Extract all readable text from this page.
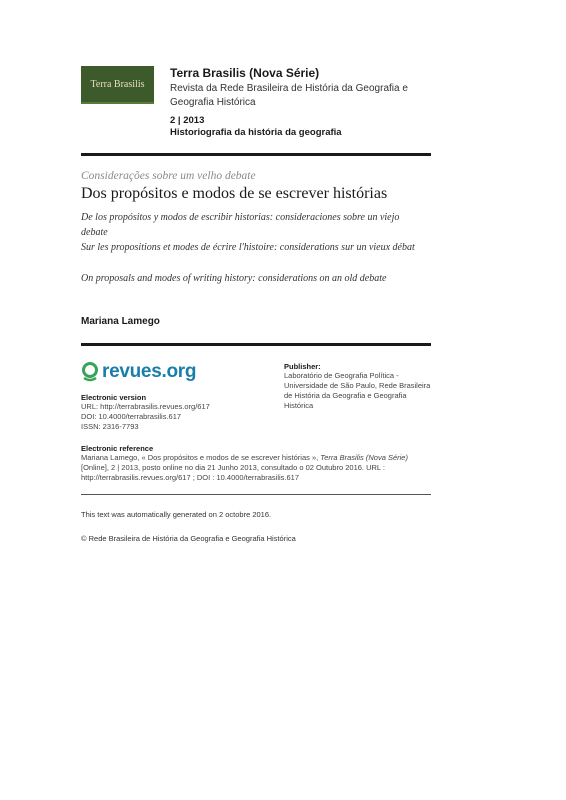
Terra Brasilis
Terra Brasilis (Nova Série)
Revista da Rede Brasileira de História da Geografia e Geografia Histórica
2 | 2013
Historiografia da história da geografia
Considerações sobre um velho debate
Dos propósitos e modos de se escrever histórias
De los propósitos y modos de escribir historias: consideraciones sobre un viejo debate
Sur les propositions et modes de écrire l'histoire: considerations sur un vieux débat
On proposals and modes of writing history: considerations on an old debate
Mariana Lamego
revues.org
Electronic version
URL: http://terrabrasilis.revues.org/617
DOI: 10.4000/terrabrasilis.617
ISSN: 2316-7793
Publisher:
Laboratório de Geografia Política - Universidade de São Paulo, Rede Brasileira de História da Geografia e Geografia Histórica
Electronic reference
Mariana Lamego, « Dos propósitos e modos de se escrever histórias », Terra Brasilis (Nova Série) [Online], 2 | 2013, posto online no dia 21 Junho 2013, consultado o 02 Outubro 2016. URL : http://terrabrasilis.revues.org/617 ; DOI : 10.4000/terrabrasilis.617
This text was automatically generated on 2 octobre 2016.
© Rede Brasileira de História da Geografia e Geografia Histórica
